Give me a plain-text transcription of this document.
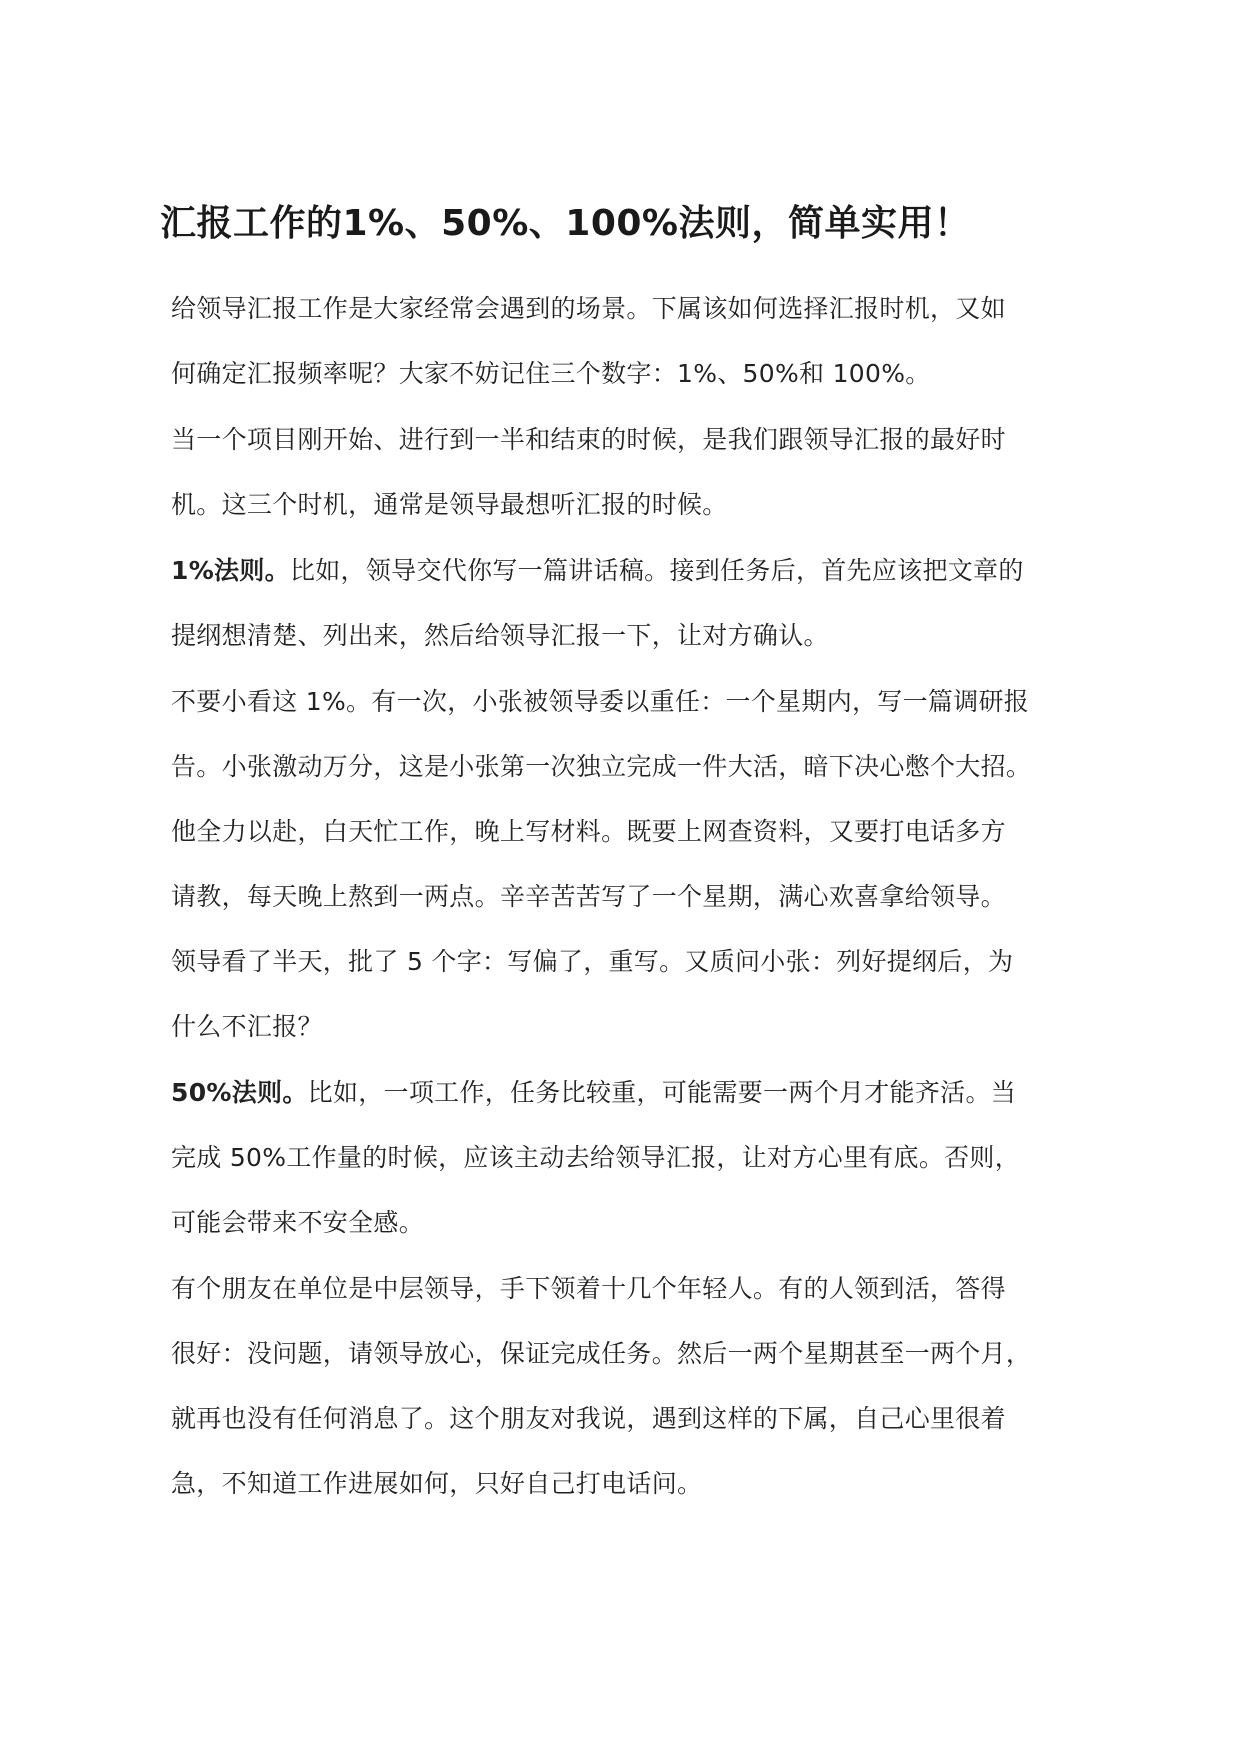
汇报工作的1%、50%、100%法则，简单实用！

给领导汇报工作是大家经常会遇到的场景。下属该如何选择汇报时机，又如
何确定汇报频率呢？大家不妨记住三个数字：1%、50%和 100%。

当一个项目刚开始、进行到一半和结束的时候，是我们跟领导汇报的最好时
机。这三个时机，通常是领导最想听汇报的时候。

1%法则。比如，领导交代你写一篇讲话稿。接到任务后，首先应该把文章的
提纲想清楚、列出来，然后给领导汇报一下，让对方确认。

不要小看这 1%。有一次，小张被领导委以重任：一个星期内，写一篇调研报
告。小张激动万分，这是小张第一次独立完成一件大活，暗下决心憋个大招。
他全力以赴，白天忙工作，晚上写材料。既要上网查资料，又要打电话多方
请教，每天晚上熬到一两点。辛辛苦苦写了一个星期，满心欢喜拿给领导。
领导看了半天，批了 5 个字：写偏了，重写。又质问小张：列好提纲后，为
什么不汇报？

50%法则。比如，一项工作，任务比较重，可能需要一两个月才能齐活。当
完成 50%工作量的时候，应该主动去给领导汇报，让对方心里有底。否则，
可能会带来不安全感。

有个朋友在单位是中层领导，手下领着十几个年轻人。有的人领到活，答得
很好：没问题，请领导放心，保证完成任务。然后一两个星期甚至一两个月，
就再也没有任何消息了。这个朋友对我说，遇到这样的下属，自己心里很着
急，不知道工作进展如何，只好自己打电话问。
